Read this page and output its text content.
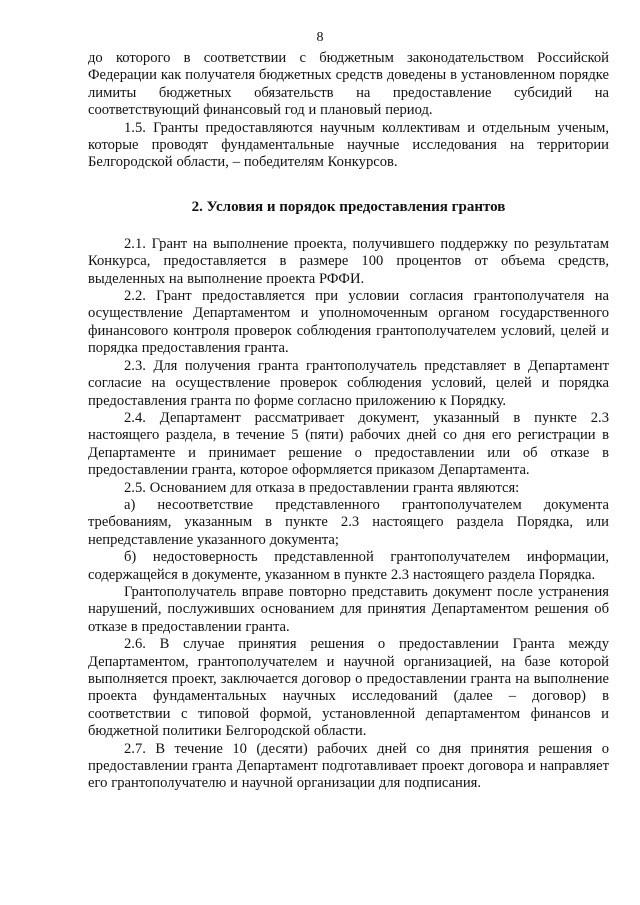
8

до которого в соответствии с бюджетным законодательством Российской Федерации как получателя бюджетных средств доведены в установленном порядке лимиты бюджетных обязательств на предоставление субсидий на соответствующий финансовый год и плановый период.

1.5. Гранты предоставляются научным коллективам и отдельным ученым, которые проводят фундаментальные научные исследования на территории Белгородской области, – победителям Конкурсов.

2. Условия и порядок предоставления грантов

2.1. Грант на выполнение проекта, получившего поддержку по результатам Конкурса, предоставляется в размере 100 процентов от объема средств, выделенных на выполнение проекта РФФИ.

2.2. Грант предоставляется при условии согласия грантополучателя на осуществление Департаментом и уполномоченным органом государственного финансового контроля проверок соблюдения грантополучателем условий, целей и порядка предоставления гранта.

2.3. Для получения гранта грантополучатель представляет в Департамент согласие на осуществление проверок соблюдения условий, целей и порядка предоставления гранта по форме согласно приложению к Порядку.

2.4. Департамент рассматривает документ, указанный в пункте 2.3 настоящего раздела, в течение 5 (пяти) рабочих дней со дня его регистрации в Департаменте и принимает решение о предоставлении или об отказе в предоставлении гранта, которое оформляется приказом Департамента.

2.5. Основанием для отказа в предоставлении гранта являются:

а) несоответствие представленного грантополучателем документа требованиям, указанным в пункте 2.3 настоящего раздела Порядка, или непредставление указанного документа;

б) недостоверность представленной грантополучателем информации, содержащейся в документе, указанном в пункте 2.3 настоящего раздела Порядка.

Грантополучатель вправе повторно представить документ после устранения нарушений, послуживших основанием для принятия Департаментом решения об отказе в предоставлении гранта.

2.6. В случае принятия решения о предоставлении Гранта между Департаментом, грантополучателем и научной организацией, на базе которой выполняется проект, заключается договор о предоставлении гранта на выполнение проекта фундаментальных научных исследований (далее – договор) в соответствии с типовой формой, установленной департаментом финансов и бюджетной политики Белгородской области.

2.7. В течение 10 (десяти) рабочих дней со дня принятия решения о предоставлении гранта Департамент подготавливает проект договора и направляет его грантополучателю и научной организации для подписания.
